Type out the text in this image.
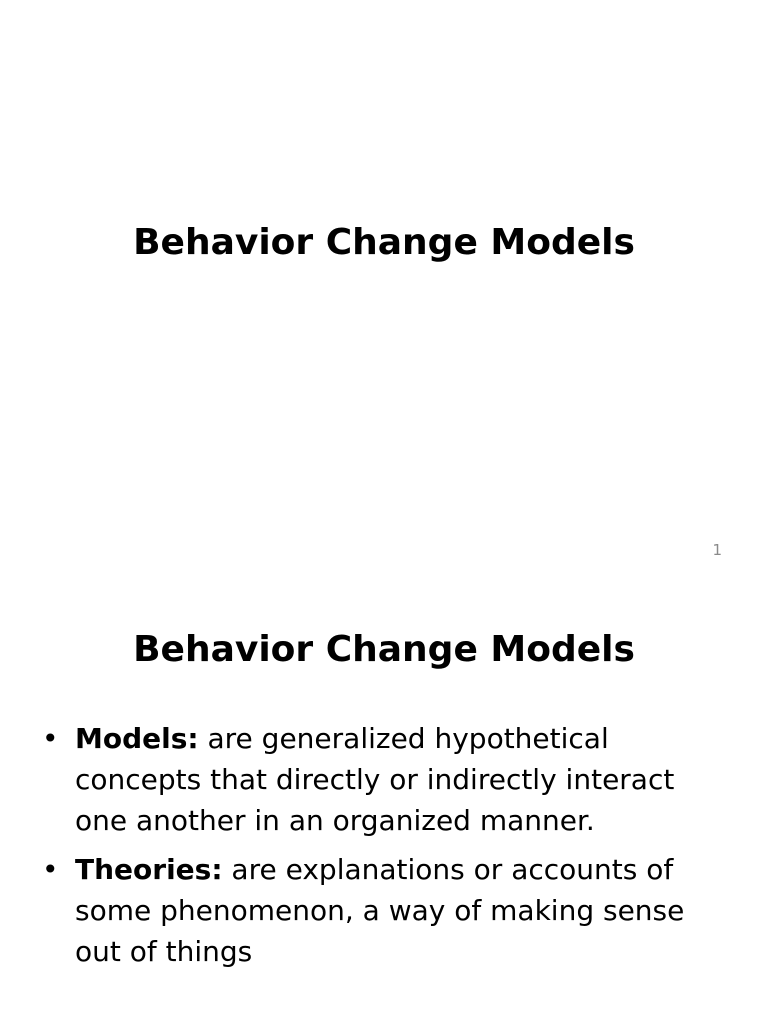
Behavior Change Models
1
Behavior Change Models
• Models: are generalized hypothetical concepts that directly or indirectly interact one another in an organized manner.
• Theories: are explanations or accounts of some phenomenon, a way of making sense out of things
